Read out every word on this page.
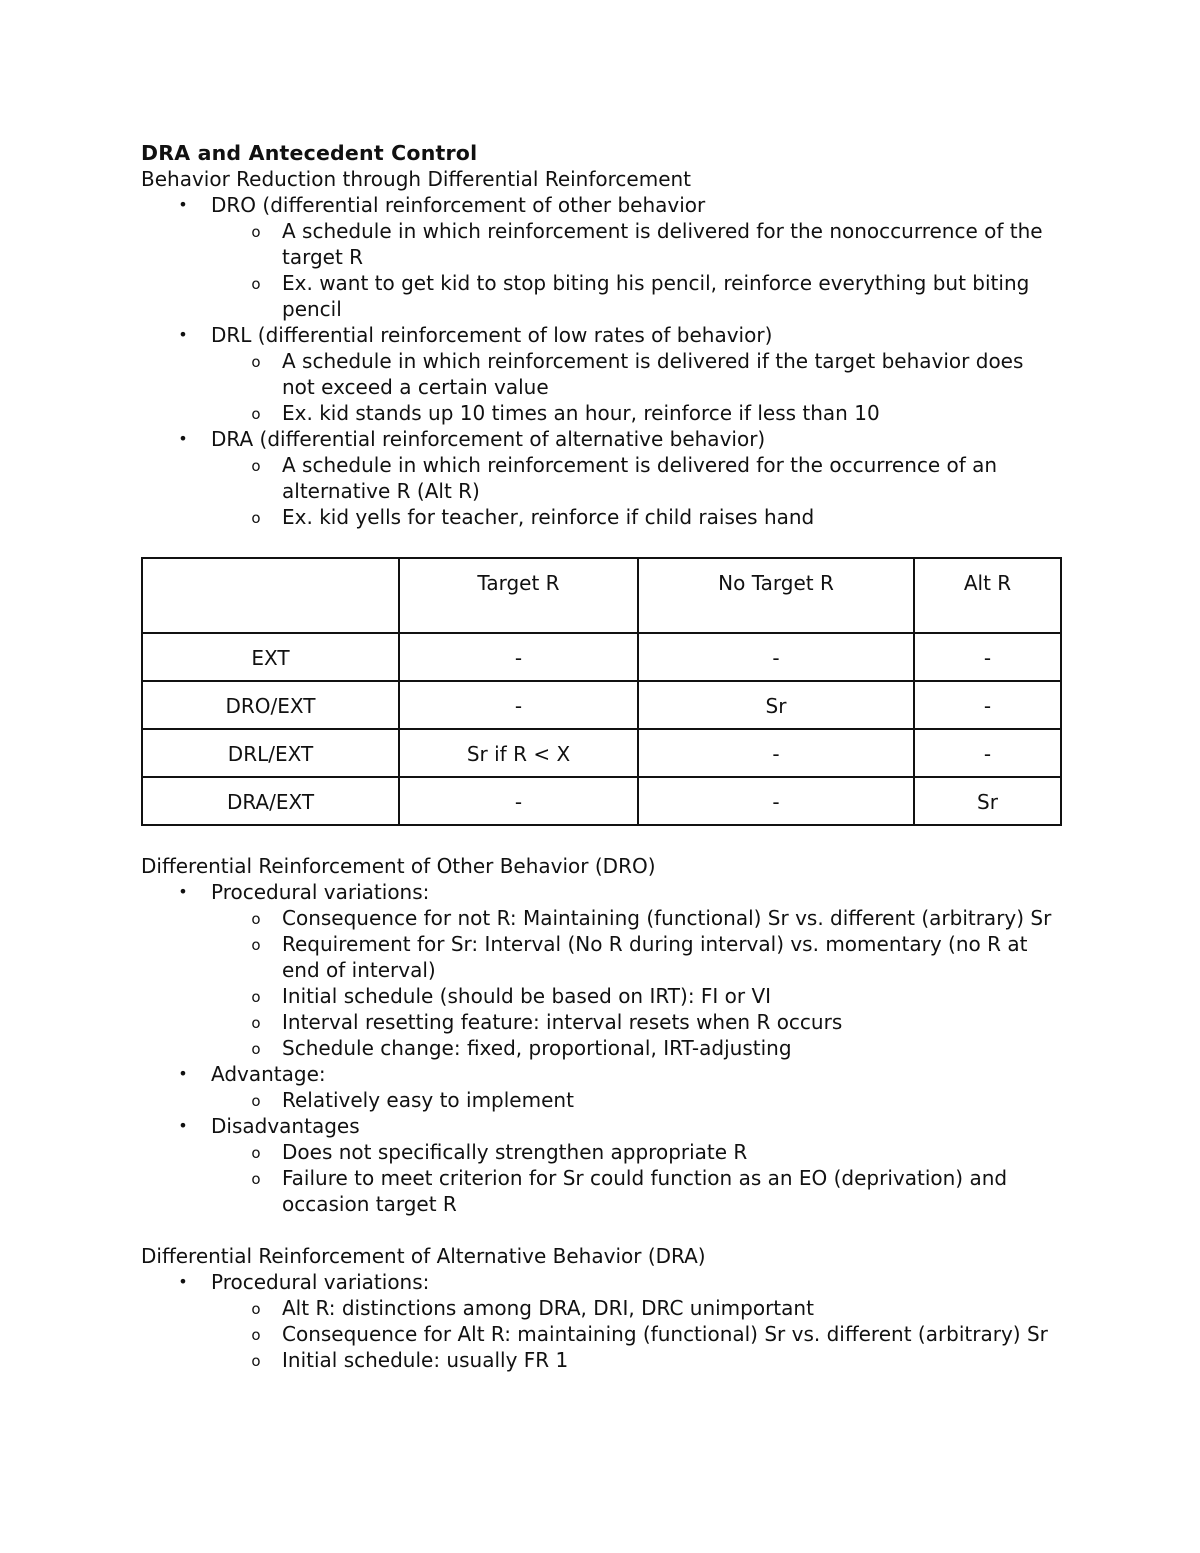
DRA and Antecedent Control
Behavior Reduction through Differential Reinforcement
• DRO (differential reinforcement of other behavior
o A schedule in which reinforcement is delivered for the nonoccurrence of the target R
o Ex. want to get kid to stop biting his pencil, reinforce everything but biting pencil
• DRL (differential reinforcement of low rates of behavior)
o A schedule in which reinforcement is delivered if the target behavior does not exceed a certain value
o Ex. kid stands up 10 times an hour, reinforce if less than 10
• DRA (differential reinforcement of alternative behavior)
o A schedule in which reinforcement is delivered for the occurrence of an alternative R (Alt R)
o Ex. kid yells for teacher, reinforce if child raises hand
	Target R	No Target R	Alt R
EXT	-	-	-
DRO/EXT	-	Sr	-
DRL/EXT	Sr if R < X	-	-
DRA/EXT	-	-	Sr
Differential Reinforcement of Other Behavior (DRO)
• Procedural variations:
o Consequence for not R: Maintaining (functional) Sr vs. different (arbitrary) Sr
o Requirement for Sr: Interval (No R during interval) vs. momentary (no R at end of interval)
o Initial schedule (should be based on IRT): FI or VI
o Interval resetting feature: interval resets when R occurs
o Schedule change: fixed, proportional, IRT-adjusting
• Advantage:
o Relatively easy to implement
• Disadvantages
o Does not specifically strengthen appropriate R
o Failure to meet criterion for Sr could function as an EO (deprivation) and occasion target R
Differential Reinforcement of Alternative Behavior (DRA)
• Procedural variations:
o Alt R: distinctions among DRA, DRI, DRC unimportant
o Consequence for Alt R: maintaining (functional) Sr vs. different (arbitrary) Sr
o Initial schedule: usually FR 1
